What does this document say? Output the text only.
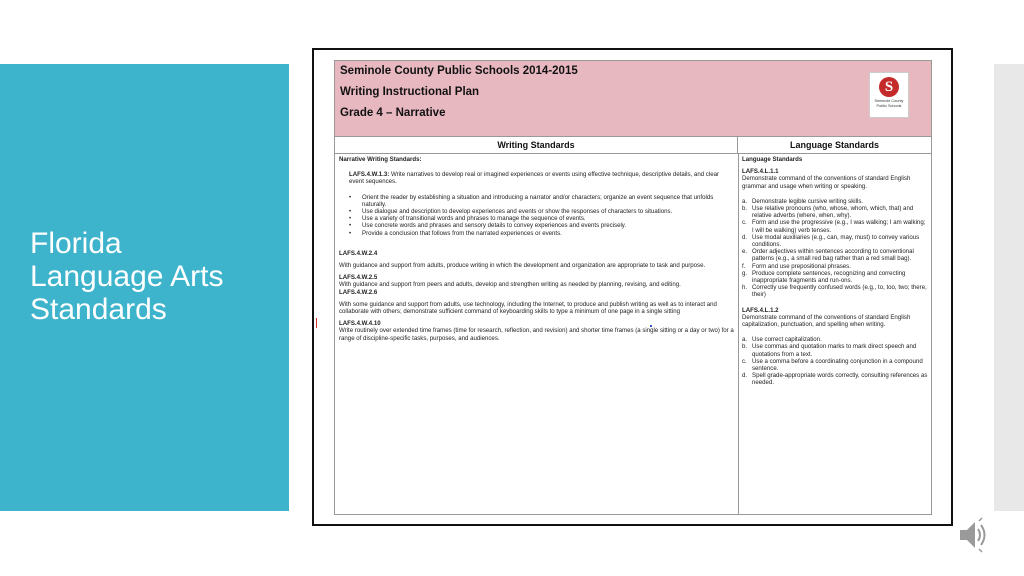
Florida
Language Arts
Standards
Seminole County Public Schools 2014-2015
Writing Instructional Plan
Grade 4 – Narrative
S
Seminole County Public Schools
Writing Standards	Language Standards
Narrative Writing Standards:
LAFS.4.W.1.3: Write narratives to develop real or imagined experiences or events using effective technique, descriptive details, and clear event sequences.
• Orient the reader by establishing a situation and introducing a narrator and/or characters; organize an event sequence that unfolds naturally.
• Use dialogue and description to develop experiences and events or show the responses of characters to situations.
• Use a variety of transitional words and phrases to manage the sequence of events.
• Use concrete words and phrases and sensory details to convey experiences and events precisely.
• Provide a conclusion that follows from the narrated experiences or events.
LAFS.4.W.2.4
With guidance and support from adults, produce writing in which the development and organization are appropriate to task and purpose.
LAFS.4.W.2.5
With guidance and support from peers and adults, develop and strengthen writing as needed by planning, revising, and editing.
LAFS.4.W.2.6
With some guidance and support from adults, use technology, including the Internet, to produce and publish writing as well as to interact and collaborate with others; demonstrate sufficient command of keyboarding skills to type a minimum of one page in a single sitting
LAFS.4.W.4.10
Write routinely over extended time frames (time for research, reflection, and revision) and shorter time frames (a single sitting or a day or two) for a range of discipline-specific tasks, purposes, and audiences.
Language Standards
LAFS.4.L.1.1
Demonstrate command of the conventions of standard English grammar and usage when writing or speaking.
a. Demonstrate legible cursive writing skills.
b. Use relative pronouns (who, whose, whom, which, that) and relative adverbs (where, when, why).
c. Form and use the progressive (e.g., I was walking; I am walking; I will be walking) verb tenses.
d. Use modal auxiliaries (e.g., can, may, must) to convey various conditions.
e. Order adjectives within sentences according to conventional patterns (e.g., a small red bag rather than a red small bag).
f. Form and use prepositional phrases.
g. Produce complete sentences, recognizing and correcting inappropriate fragments and run-ons.
h. Correctly use frequently confused words (e.g., to, too, two; there, their)
LAFS.4.L.1.2
Demonstrate command of the conventions of standard English capitalization, punctuation, and spelling when writing.
a. Use correct capitalization.
b. Use commas and quotation marks to mark direct speech and quotations from a text.
c. Use a comma before a coordinating conjunction in a compound sentence.
d. Spell grade-appropriate words correctly, consulting references as needed.
